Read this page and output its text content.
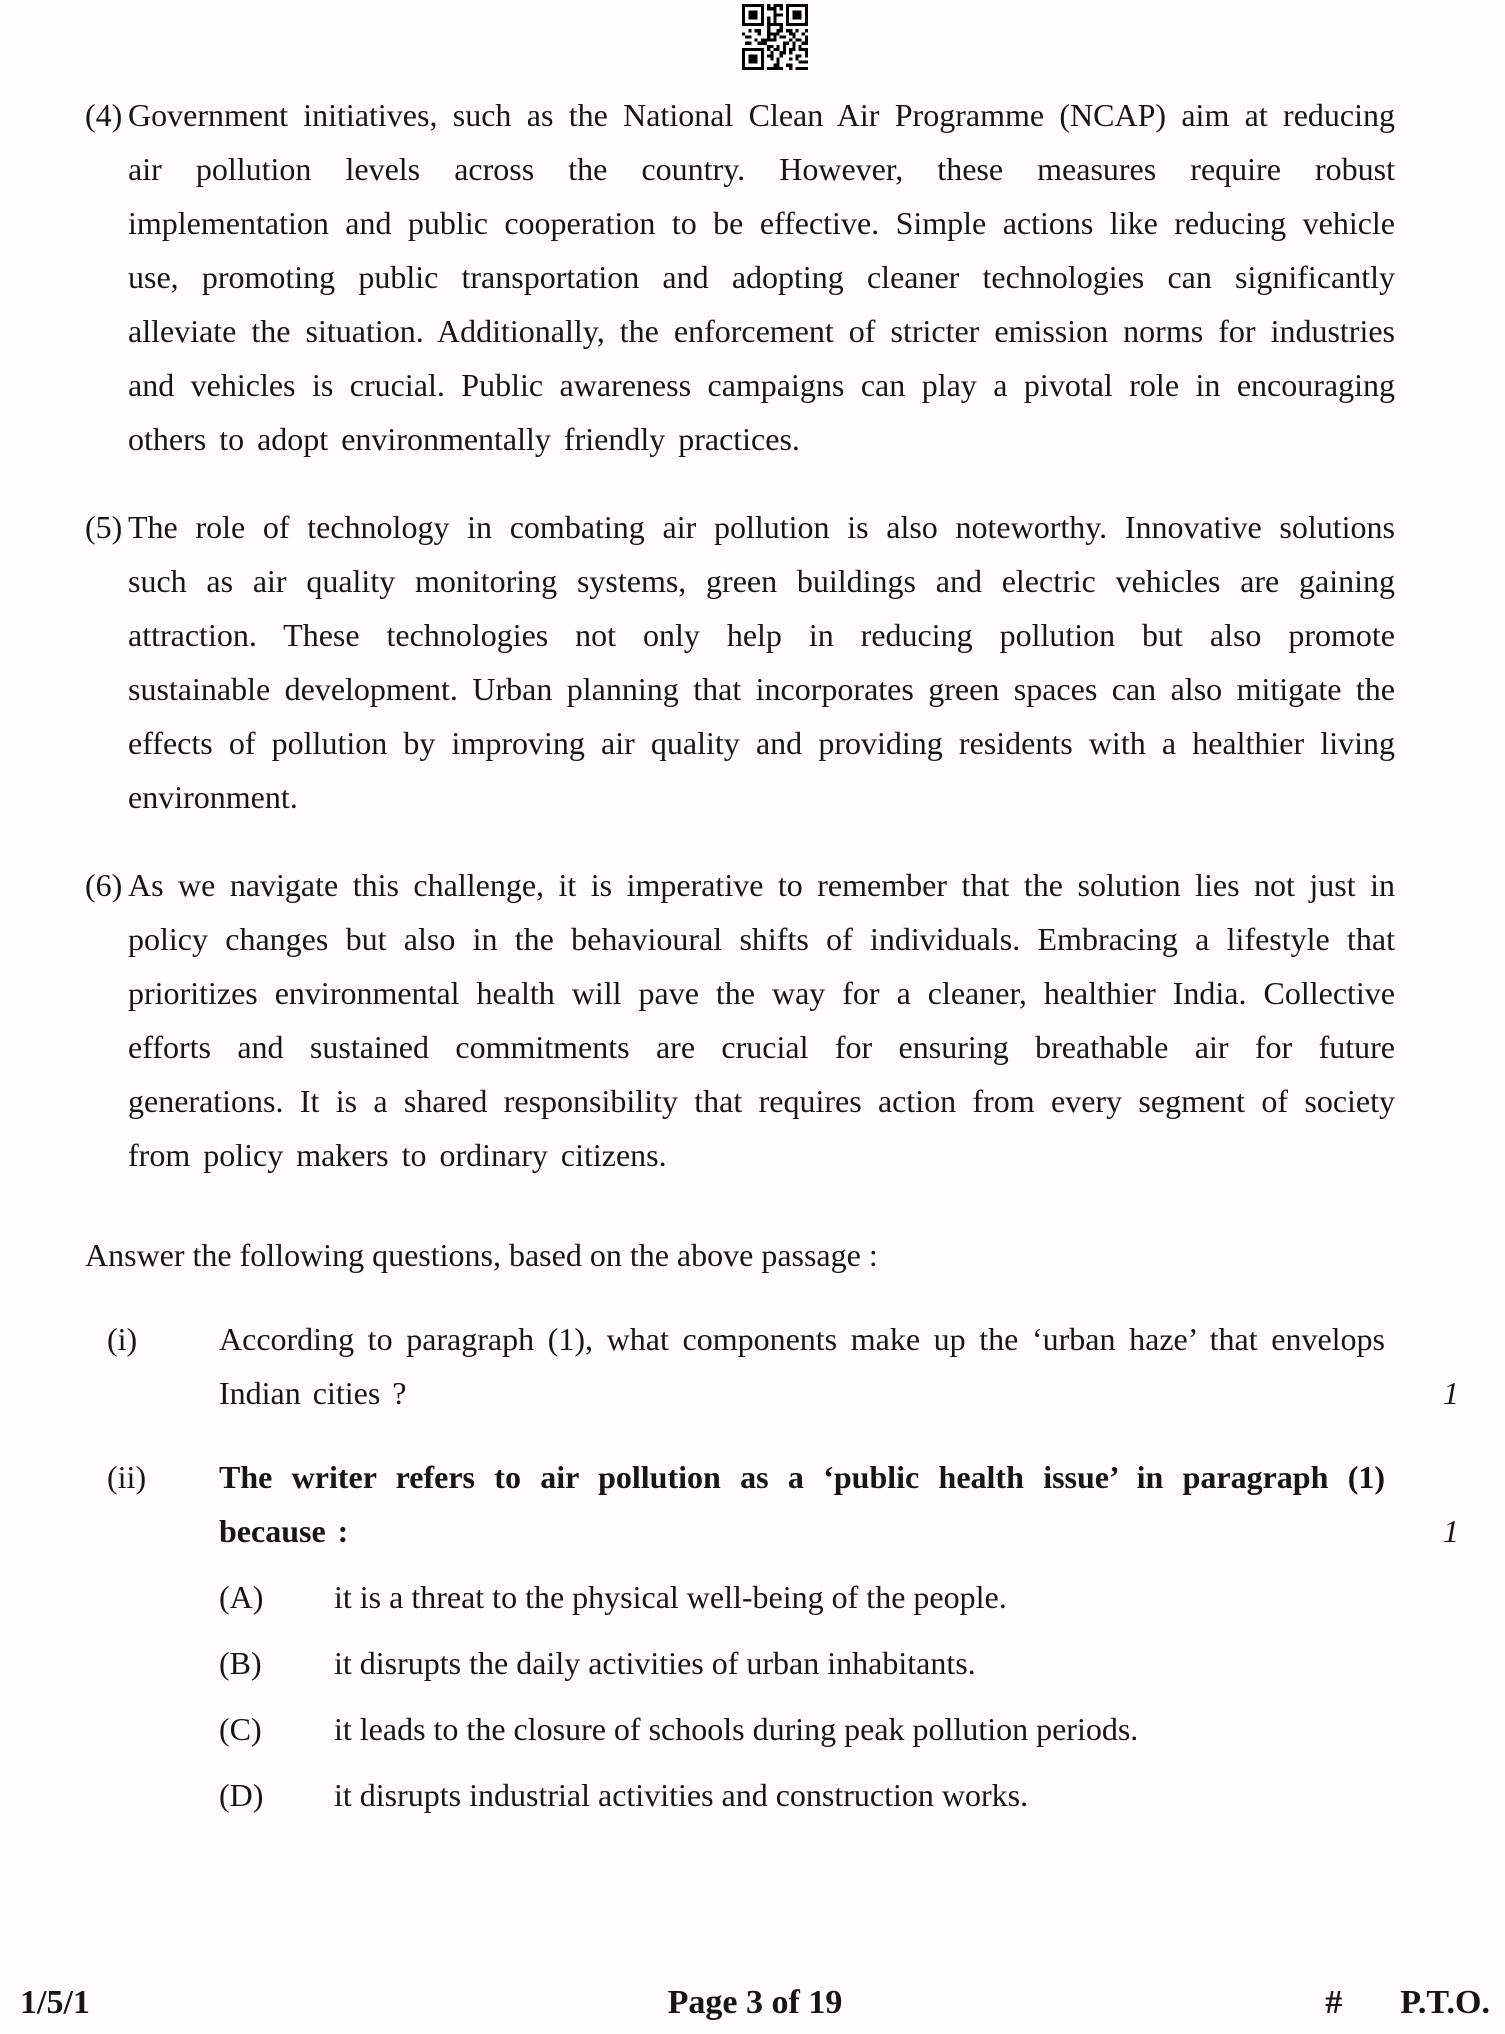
(4) Government initiatives, such as the National Clean Air Programme (NCAP) aim at reducing air pollution levels across the country. However, these measures require robust implementation and public cooperation to be effective. Simple actions like reducing vehicle use, promoting public transportation and adopting cleaner technologies can significantly alleviate the situation. Additionally, the enforcement of stricter emission norms for industries and vehicles is crucial. Public awareness campaigns can play a pivotal role in encouraging others to adopt environmentally friendly practices.
(5) The role of technology in combating air pollution is also noteworthy. Innovative solutions such as air quality monitoring systems, green buildings and electric vehicles are gaining attraction. These technologies not only help in reducing pollution but also promote sustainable development. Urban planning that incorporates green spaces can also mitigate the effects of pollution by improving air quality and providing residents with a healthier living environment.
(6) As we navigate this challenge, it is imperative to remember that the solution lies not just in policy changes but also in the behavioural shifts of individuals. Embracing a lifestyle that prioritizes environmental health will pave the way for a cleaner, healthier India. Collective efforts and sustained commitments are crucial for ensuring breathable air for future generations. It is a shared responsibility that requires action from every segment of society from policy makers to ordinary citizens.
Answer the following questions, based on the above passage :
(i)	According to paragraph (1), what components make up the ‘urban haze’ that envelops Indian cities ?	1
(ii)	The writer refers to air pollution as a ‘public health issue’ in paragraph (1) because :	1
(A)	it is a threat to the physical well-being of the people.
(B)	it disrupts the daily activities of urban inhabitants.
(C)	it leads to the closure of schools during peak pollution periods.
(D)	it disrupts industrial activities and construction works.
1/5/1	Page 3 of 19	# P.T.O.
